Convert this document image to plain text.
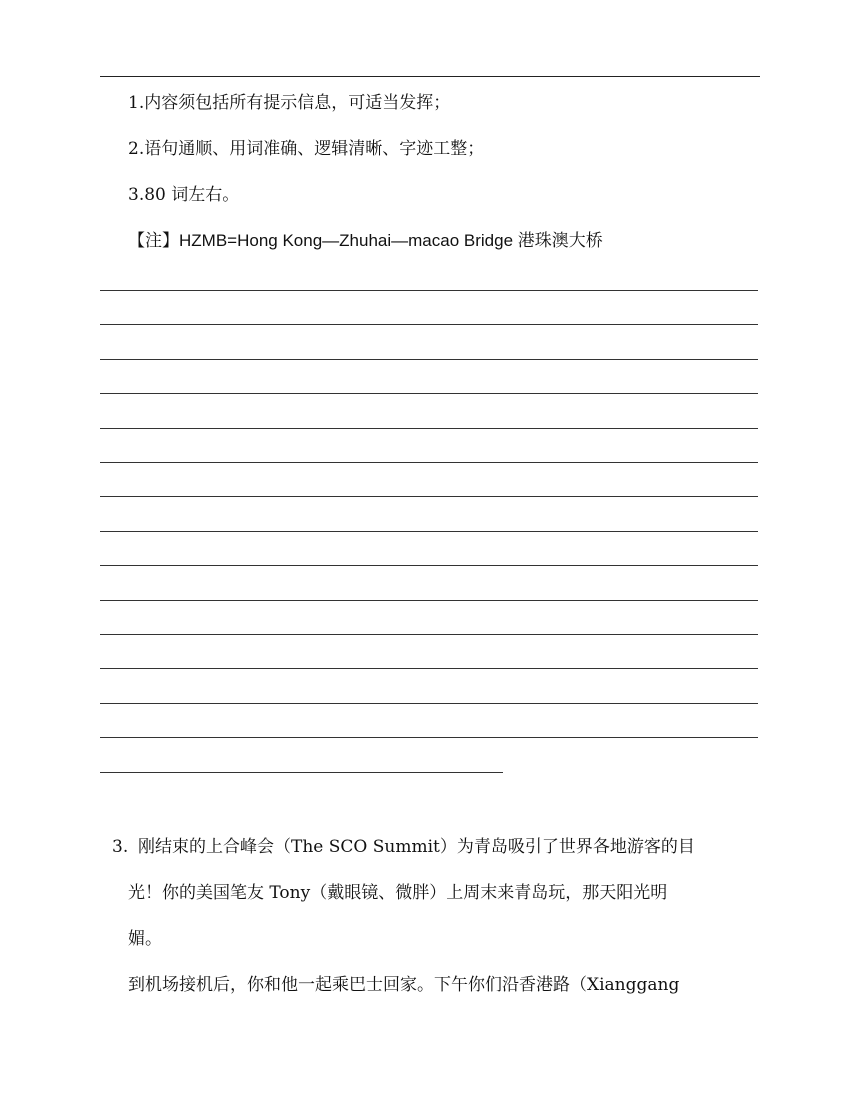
1.内容须包括所有提示信息，可适当发挥；
2.语句通顺、用词准确、逻辑清晰、字迹工整；
3.80 词左右。
【注】HZMB=Hong Kong—Zhuhai—macao Bridge 港珠澳大桥
3. 刚结束的上合峰会（The SCO Summit）为青岛吸引了世界各地游客的目
光！你的美国笔友 Tony（戴眼镜、微胖）上周末来青岛玩，那天阳光明
媚。
到机场接机后，你和他一起乘巴士回家。下午你们沿香港路（Xianggang
